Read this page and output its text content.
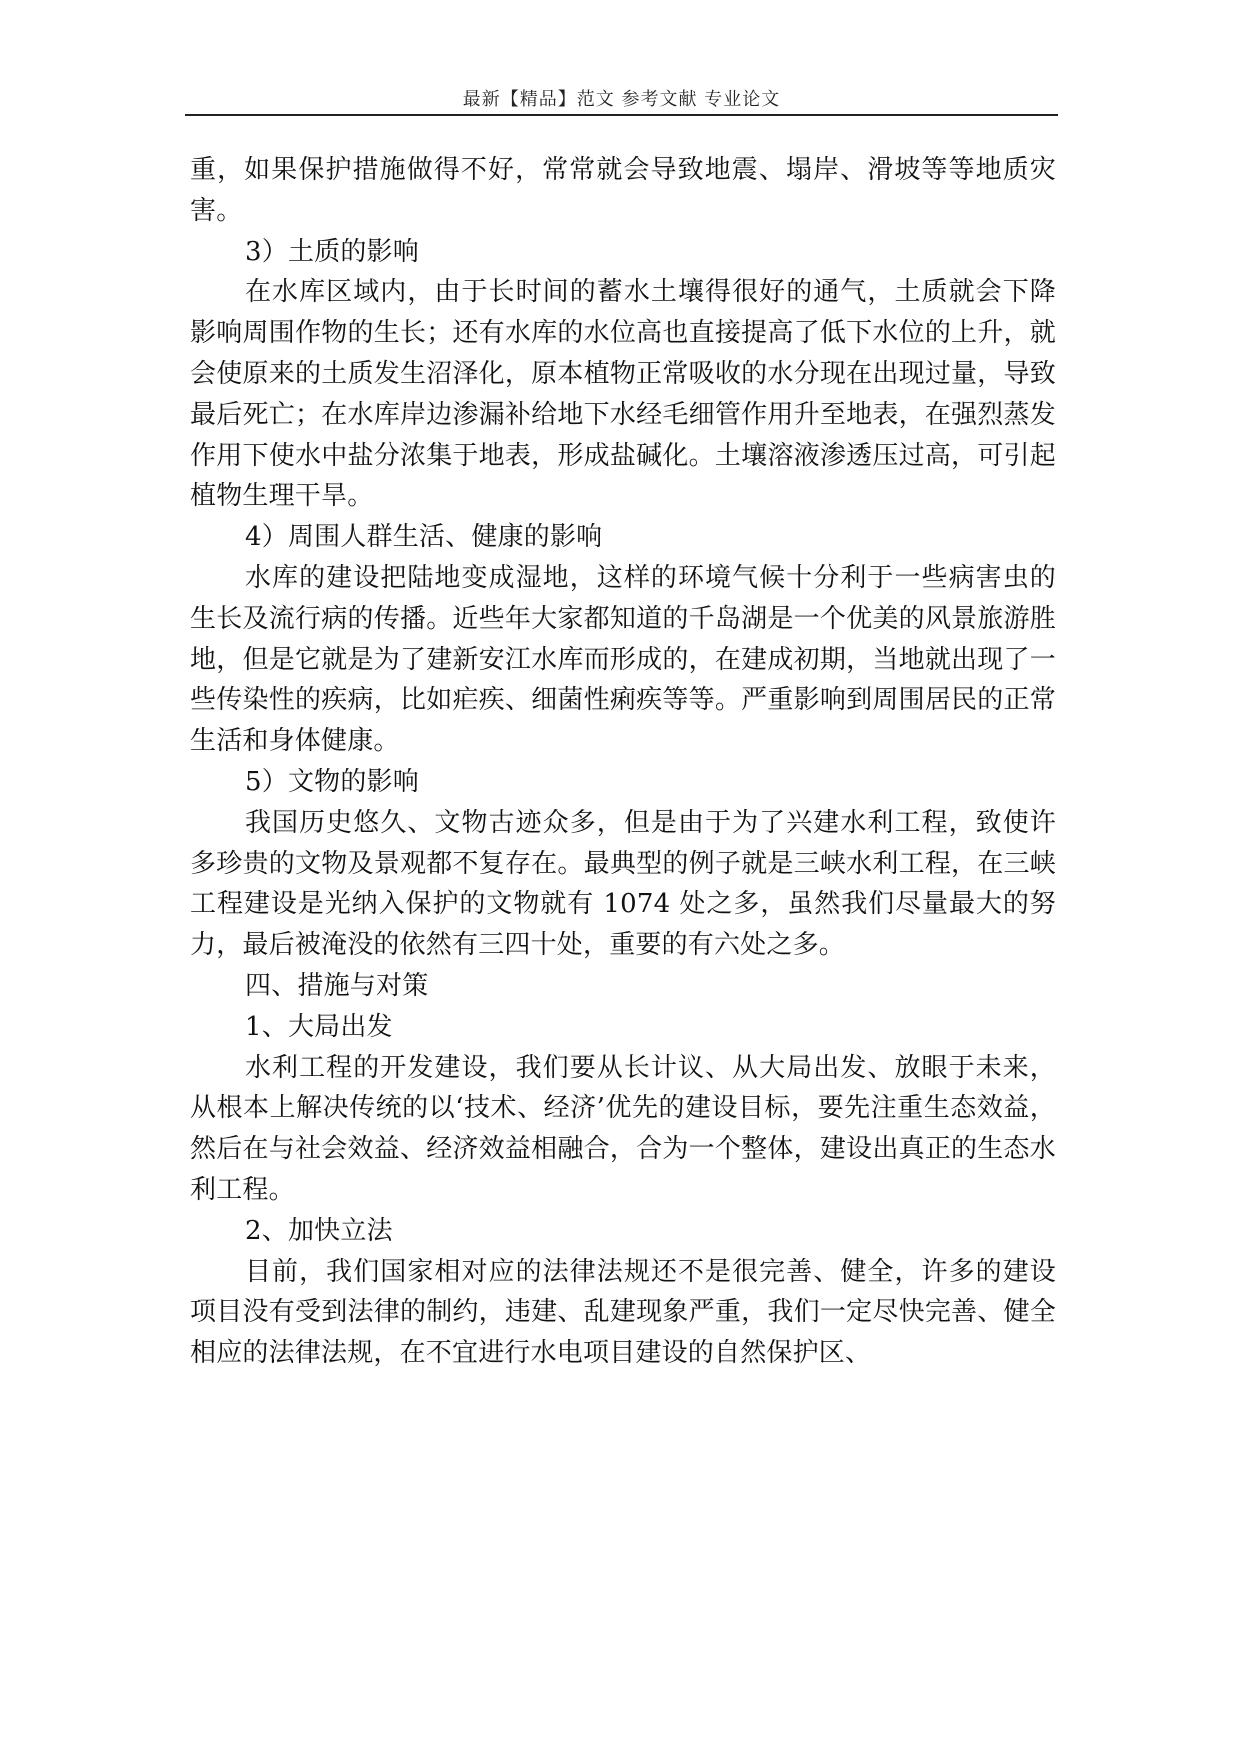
最新【精品】范文 参考文献 专业论文

重，如果保护措施做得不好，常常就会导致地震、塌岸、滑坡等等地质灾害。

3）土质的影响

在水库区域内，由于长时间的蓄水土壤得很好的通气，土质就会下降影响周围作物的生长；还有水库的水位高也直接提高了低下水位的上升，就会使原来的土质发生沼泽化，原本植物正常吸收的水分现在出现过量，导致最后死亡；在水库岸边渗漏补给地下水经毛细管作用升至地表，在强烈蒸发作用下使水中盐分浓集于地表，形成盐碱化。土壤溶液渗透压过高，可引起植物生理干旱。

4）周围人群生活、健康的影响

水库的建设把陆地变成湿地，这样的环境气候十分利于一些病害虫的生长及流行病的传播。近些年大家都知道的千岛湖是一个优美的风景旅游胜地，但是它就是为了建新安江水库而形成的，在建成初期，当地就出现了一些传染性的疾病，比如疟疾、细菌性痢疾等等。严重影响到周围居民的正常生活和身体健康。

5）文物的影响

我国历史悠久、文物古迹众多，但是由于为了兴建水利工程，致使许多珍贵的文物及景观都不复存在。最典型的例子就是三峡水利工程，在三峡工程建设是光纳入保护的文物就有 1074 处之多，虽然我们尽量最大的努力，最后被淹没的依然有三四十处，重要的有六处之多。

四、措施与对策

1、大局出发

水利工程的开发建设，我们要从长计议、从大局出发、放眼于未来，从根本上解决传统的以‘技术、经济’优先的建设目标，要先注重生态效益，然后在与社会效益、经济效益相融合，合为一个整体，建设出真正的生态水利工程。

2、加快立法

目前，我们国家相对应的法律法规还不是很完善、健全，许多的建设项目没有受到法律的制约，违建、乱建现象严重，我们一定尽快完善、健全相应的法律法规，在不宜进行水电项目建设的自然保护区、
